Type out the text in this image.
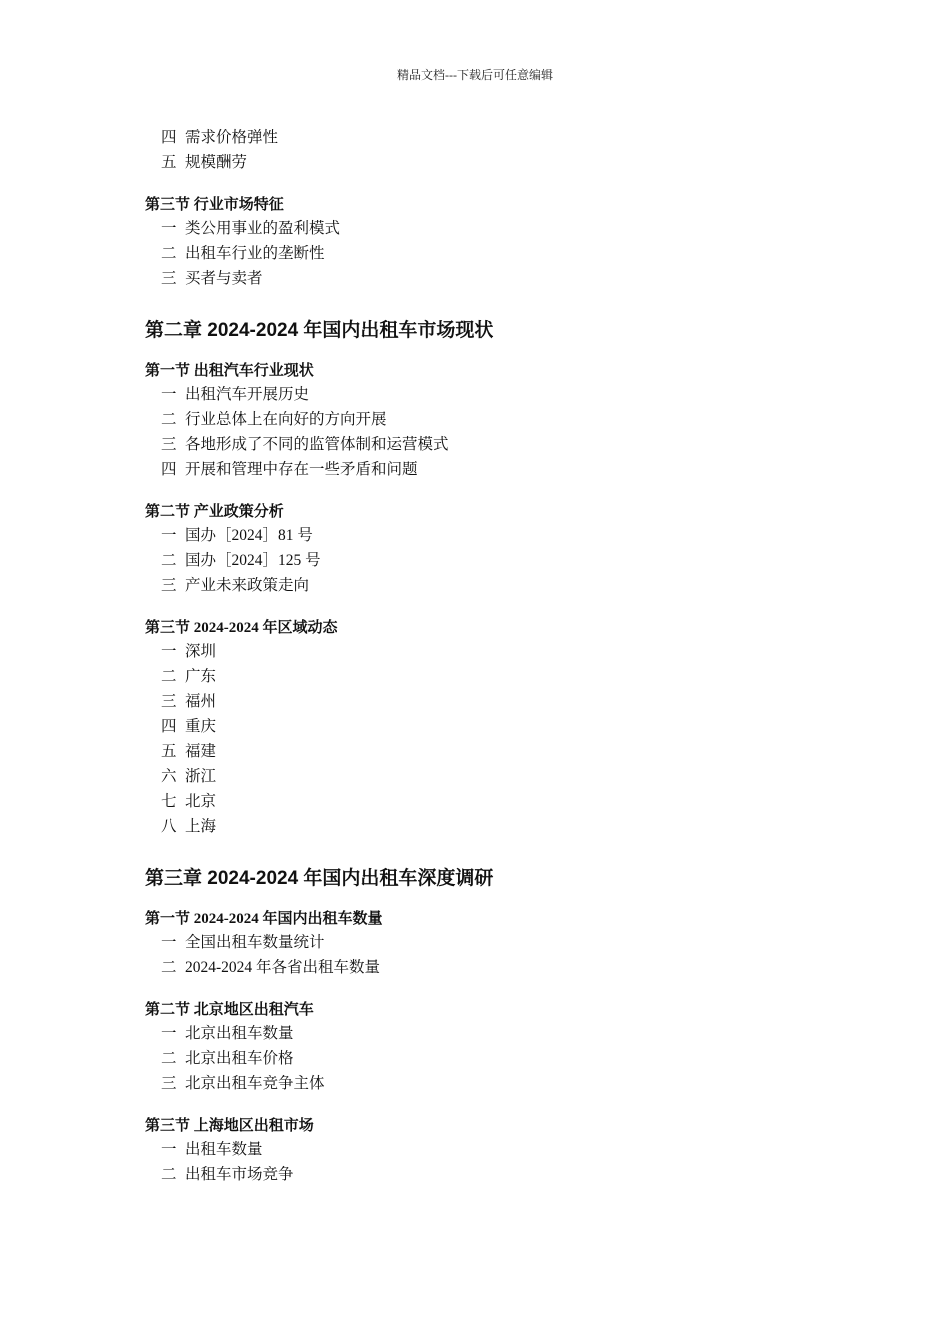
精品文档---下载后可任意编辑
四 需求价格弹性
五 规模酬劳
第三节 行业市场特征
一 类公用事业的盈利模式
二 出租车行业的垄断性
三 买者与卖者
第二章 2024-2024 年国内出租车市场现状
第一节 出租汽车行业现状
一 出租汽车开展历史
二 行业总体上在向好的方向开展
三 各地形成了不同的监管体制和运营模式
四 开展和管理中存在一些矛盾和问题
第二节 产业政策分析
一 国办［2024］81 号
二 国办［2024］125 号
三 产业未来政策走向
第三节 2024-2024 年区域动态
一 深圳
二 广东
三 福州
四 重庆
五 福建
六 浙江
七 北京
八 上海
第三章 2024-2024 年国内出租车深度调研
第一节 2024-2024 年国内出租车数量
一 全国出租车数量统计
二 2024-2024 年各省出租车数量
第二节 北京地区出租汽车
一 北京出租车数量
二 北京出租车价格
三 北京出租车竞争主体
第三节 上海地区出租市场
一 出租车数量
二 出租车市场竞争
